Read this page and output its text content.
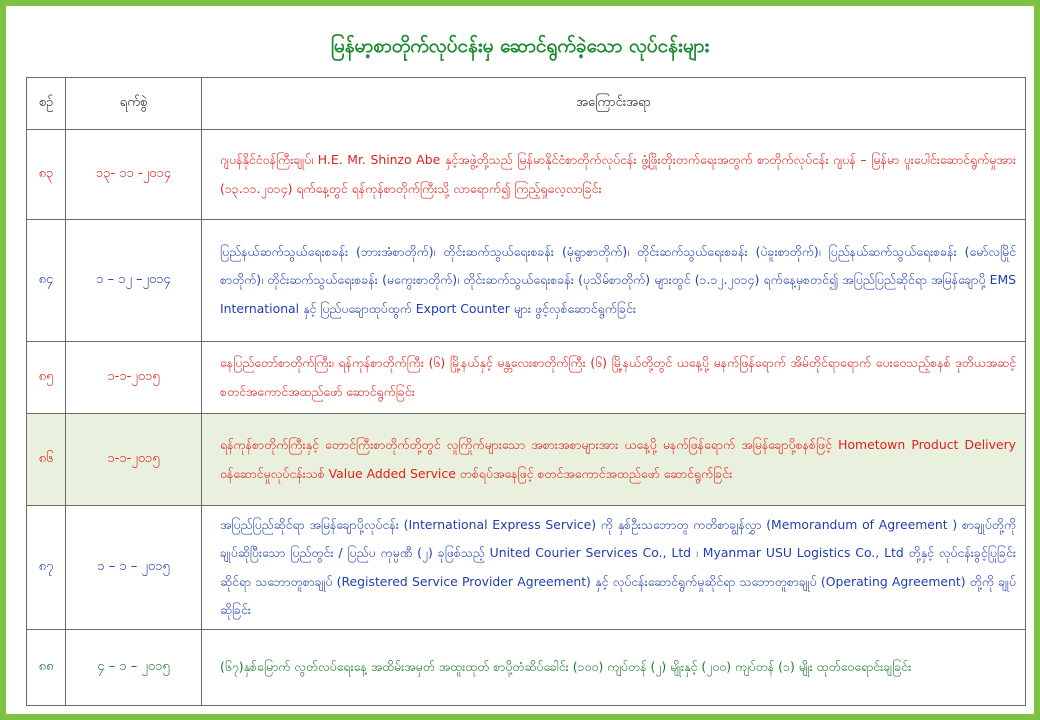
မြန်မာ့စာတိုက်လုပ်ငန်းမှ ဆောင်ရွက်ခဲ့သော လုပ်ငန်းများ
စဉ်	ရက်စွဲ	အကြောင်းအရာ
၈၃	၁၃- ၁၁ -၂၀၁၄	ဂျပန်နိုင်ငံဝန်ကြီးချုပ်၊ H.E. Mr. Shinzo Abe နှင့်အဖွဲ့တို့သည် မြန်မာနိုင်ငံစာတိုက်လုပ်ငန်း ဖွံ့ဖြိုးတိုးတက်ရေးအတွက် စာတိုက်လုပ်ငန်း ဂျပန် – မြန်မာ ပူးပေါင်းဆောင်ရွက်မှုအား (၁၃.၁၁.၂၀၁၄) ရက်နေ့တွင် ရန်ကုန်စာတိုက်ကြီးသို့ လာရောက်၍ ကြည့်ရှုလေ့လာခြင်း
၈၄	၁ – ၁၂ –၂၀၁၄	ပြည်နယ်ဆက်သွယ်ရေးစခန်း (ဘားအံစာတိုက်)၊ တိုင်းဆက်သွယ်ရေးစခန်း (မုံရွာစာတိုက်)၊ တိုင်းဆက်သွယ်ရေးစခန်း (ပဲခူးစာတိုက်)၊ ပြည်နယ်ဆက်သွယ်ရေးစခန်း (မော်လမြိုင်စာတိုက်)၊ တိုင်းဆက်သွယ်ရေးစခန်း (မကွေးစာတိုက်)၊ တိုင်းဆက်သွယ်ရေးစခန်း (ပုသိမ်စာတိုက်) များတွင် (၁.၁၂.၂၀၁၄) ရက်နေ့မှစတင်၍ အပြည်ပြည်ဆိုင်ရာ အမြန်ချောပို့ EMS International နှင့် ပြည်ပချောထုပ်ထွက် Export Counter များ ဖွင့်လှစ်ဆောင်ရွက်ခြင်း
၈၅	၁-၁-၂၀၁၅	နေပြည်တော်စာတိုက်ကြီး၊ ရန်ကုန်စာတိုက်ကြီး (၆) မြို့နယ်နှင့် မန္တလေးစာတိုက်ကြီး (၆) မြို့နယ်တို့တွင် ယနေ့ပို့ မနက်ဖြန်ရောက် အိမ်တိုင်ရာရောက် ပေးဝေသည့်စနစ် ဒုတိယအဆင့် စတင်အကောင်အထည်ဖော် ဆောင်ရွက်ခြင်း
၈၆	၁-၁-၂၀၁၅	ရန်ကုန်စာတိုက်ကြီးနှင့် တောင်ကြီးစာတိုက်တို့တွင် လူကြိုက်များသော အစားအစာများအား ယနေ့ပို့ မနက်ဖြန်ရောက် အမြန်ချောပို့စနစ်ဖြင့် Hometown Product Delivery ဝန်ဆောင်မှုလုပ်ငန်းသစ် Value Added Service တစ်ရပ်အနေဖြင့် စတင်အကောင်အထည်ဖော် ဆောင်ရွက်ခြင်း
၈၇	၁ – ၁ – ၂၀၁၅	အပြည်ပြည်ဆိုင်ရာ အမြန်ချောပို့လုပ်ငန်း (International Express Service) ကို နှစ်ဦးသဘောတူ ကတိစာချွန်လွှာ (Memorandum of Agreement ) စာချုပ်တို့ကို ချုပ်ဆိုပြီးသော ပြည်တွင်း / ပြည်ပ ကုမ္ပဏီ (၂) ခုဖြစ်သည့် United Courier Services Co., Ltd ၊ Myanmar USU Logistics Co., Ltd တို့နှင့် လုပ်ငန်းခွင့်ပြုခြင်းဆိုင်ရာ သဘောတူစာချုပ် (Registered Service Provider Agreement) နှင့် လုပ်ငန်းဆောင်ရွက်မှုဆိုင်ရာ သဘောတူစာချုပ် (Operating Agreement) တို့ကို ချုပ်ဆိုခြင်း
၈၈	၄ – ၁ – ၂၀၁၅	(၆၇)နှစ်မြောက် လွတ်လပ်ရေးနေ့ အထိမ်းအမှတ် အထူးထုတ် စာပို့တံဆိပ်ခေါင်း (၁၀၀) ကျပ်တန် (၂) မျိုးနှင့် (၂၀၀) ကျပ်တန် (၁) မျိုး ထုတ်ဝေရောင်းချခြင်း
